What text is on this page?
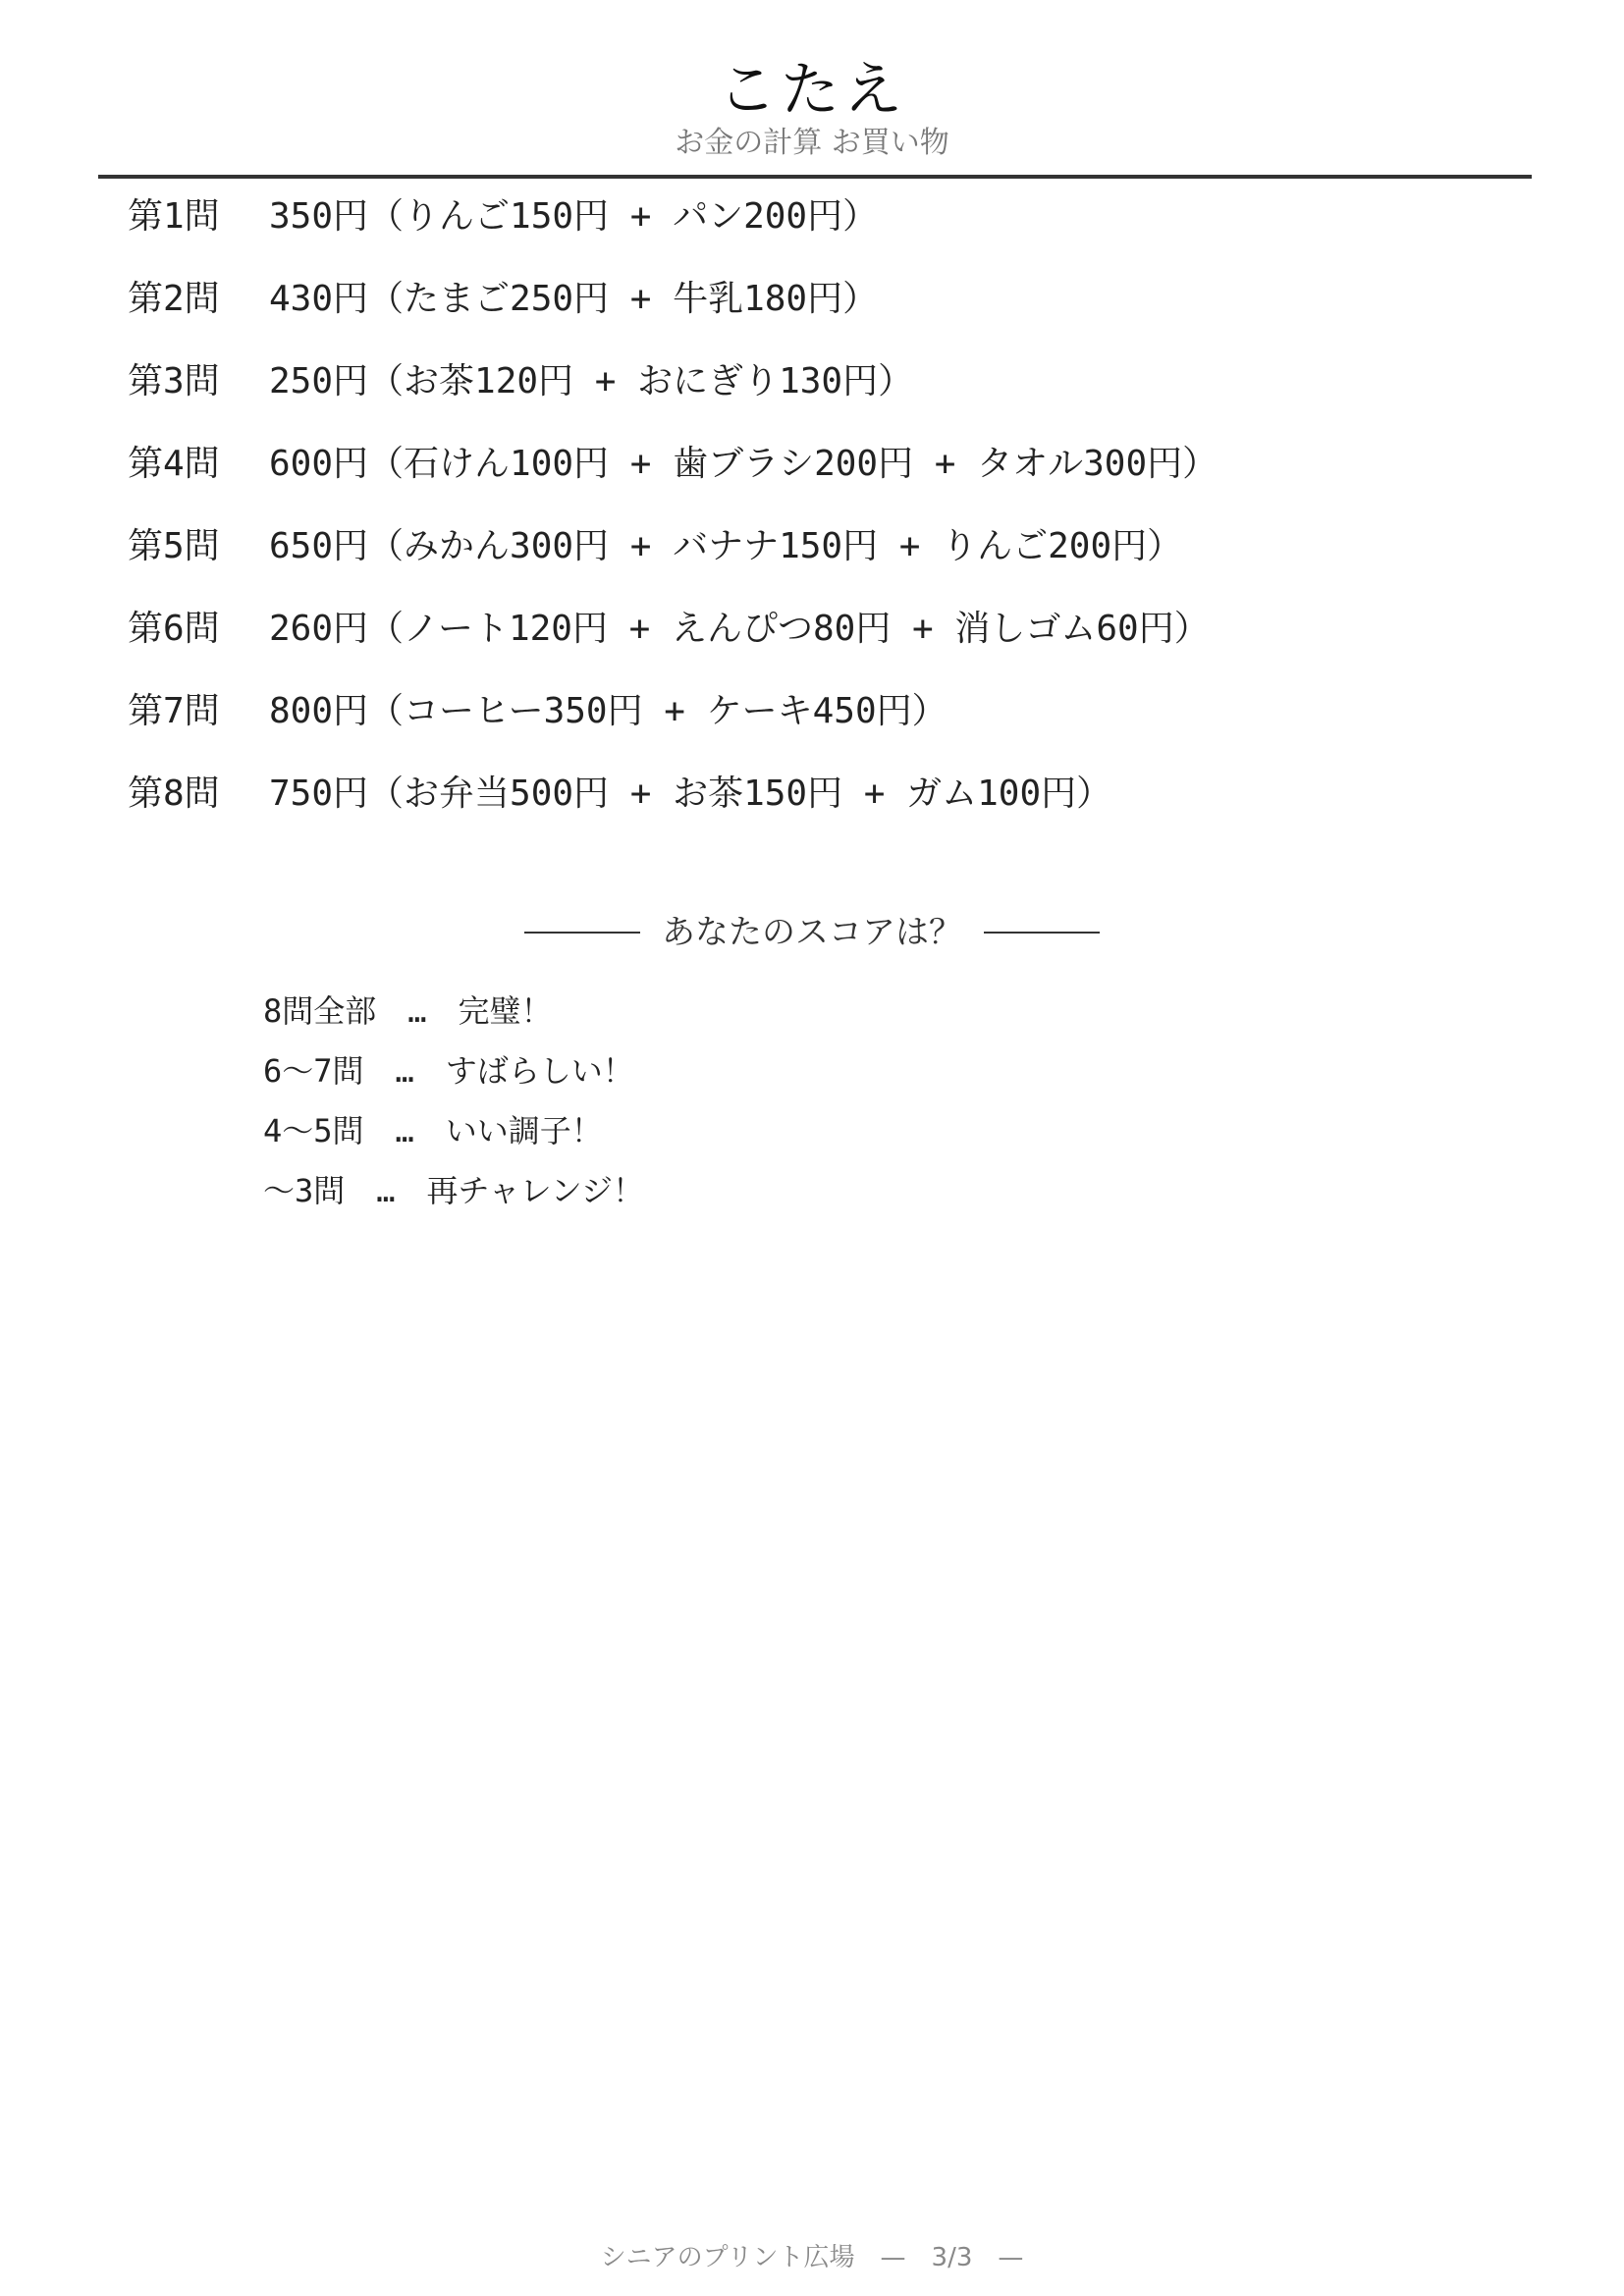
こたえ
お金の計算 お買い物
第1問 350円（りんご150円 + パン200円）
第2問 430円（たまご250円 + 牛乳180円）
第3問 250円（お茶120円 + おにぎり130円）
第4問 600円（石けん100円 + 歯ブラシ200円 + タオル300円）
第5問 650円（みかん300円 + バナナ150円 + りんご200円）
第6問 260円（ノート120円 + えんぴつ80円 + 消しゴム60円）
第7問 800円（コーヒー350円 + ケーキ450円）
第8問 750円（お弁当500円 + お茶150円 + ガム100円）
あなたのスコアは？
8問全部　…　完璧！
6〜7問　…　すばらしい！
4〜5問　…　いい調子！
〜3問　…　再チャレンジ！
シニアのプリント広場　—　3/3　—
